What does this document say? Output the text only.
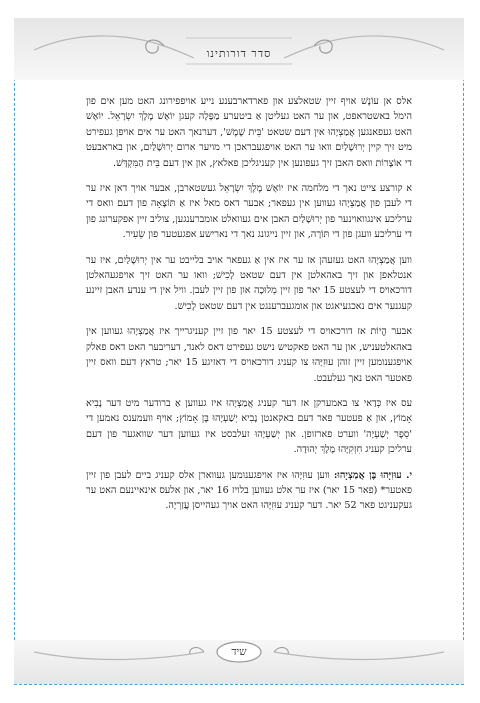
סדר דורותינו

אלס אן עוֹנֶשׁ אויף זיין שטאלצע און פארדארבענע נייע אויפפירונג האט מען אים פון הימל באשטראפט, און ער האט געליטן אַ ביטערע מַפָּלָה קעגן יוֹאָשׁ מֶלֶךְ יִשְׂרָאֵל. יוֹאָשׁ האט געפאנגען אֲמַצְיָהוּ אין דעם שטאט 'בֵּית שֶׁמֶשׁ', דערנאך האט ער אים אויפן געפירט מיט זיך קיין יְרוּשָׁלַיִם וואו ער האט אויפגעבראכן די מויער ארום יְרוּשָׁלַיִם, און באראבעט די אוֹצָרוֹת וואס האבן זיך געפונען אין קעניגליכן פאלאץ, און אין דעם בֵּית הַמִּקְדָּשׁ.

א קורצע צייט נאך די מלחמה איז יוֹאָשׁ מֶלֶךְ יִשְׂרָאֵל געשטארבן, אבער אויך דאן איז ער די לעבן פון אֲמַצְיָהוּ געווען אין געפאר; אבער דאס מאל איז אַ תּוֹצָאָה פון דעם וואס די ערליכע אינגוואוינער פון יְרוּשָׁלַיִם האבן אים געוואלט אומברענגען, צוליב זיין אפקערונג פון די ערליכע וועגן פון די תּוֹרָה, און זיין נייגונג נאך די נארישע אפגעטער פון שֵׂעִיר.

ווען אֲמַצְיָהוּ האט געזעהן אז ער איז אין אַ געפאר אויב בלייבט ער אין יְרוּשָׁלַיִם, איז ער אנטלאפן און זיך באהאלטן אין דעם שטאט לָכִישׁ; וואו ער האט זיך אויפגעהאלטן דורכאויס די לעצטע 15 יאר פון זיין מְלוּכָה און פון זיין לעבן. וויל אין די ענדע האבן זיינע קעגנער אים נאכגעיאגט און אומגעברענגט אין דעם שטאט לָכִישׁ.

אבער הֱיוֹת אז דורכאויס די לעצטע 15 יאר פון זיין קעניגרייך איז אֲמַצְיָהוּ געווען אין באהאלטעניש, און ער האט פאקטיש נישט געפירט דאס לאנד, דעריבער האט דאס פאלק אויפגענומען זיין זוהן עוּזִיָּהוּ צו קעניג דורכאויס די דאזיגע 15 יאר; טראץ דעם וואס זיין פאטער האט נאך געלעבט.

עס איז כְּדַאי צו באמערקן אז דער קעניג אֲמַצְיָהוּ איז געווען אַ ברודער מיט דער נָבִיא אָמוֹץ, און אַ פעטער פאר דעם באקאנטן נָבִיא יְשַׁעְיָהוּ בֶּן אָמוֹץ; אויף וועמענס נאמען די 'סֵפֶר יְשַׁעְיָה' ווערט פארזופן. און יְשַׁעְיָהוּ זעלבסט איז געווען דער שוואגער פון דעם ערליכן קעניג חִזְקִיָּהוּ מֶלֶךְ יְהוּדָה.

י. עוּזִיָּהוּ בֶּן אֲמַצְיָהוּ: ווען עוּזִיָּהוּ איז אויפגענומען געווארן אלס קעניג ביים לעבן פון זיין פאטער* (פאר 15 יאר) איז ער אלט געווען בלויז 16 יאר, און אלעס אינאיינעם האט ער געקעניגט פאר 52 יאר. דער קעניג עוּזִיָּהוּ האט אויך געהייסן עֲזַרְיָה.

שיד
